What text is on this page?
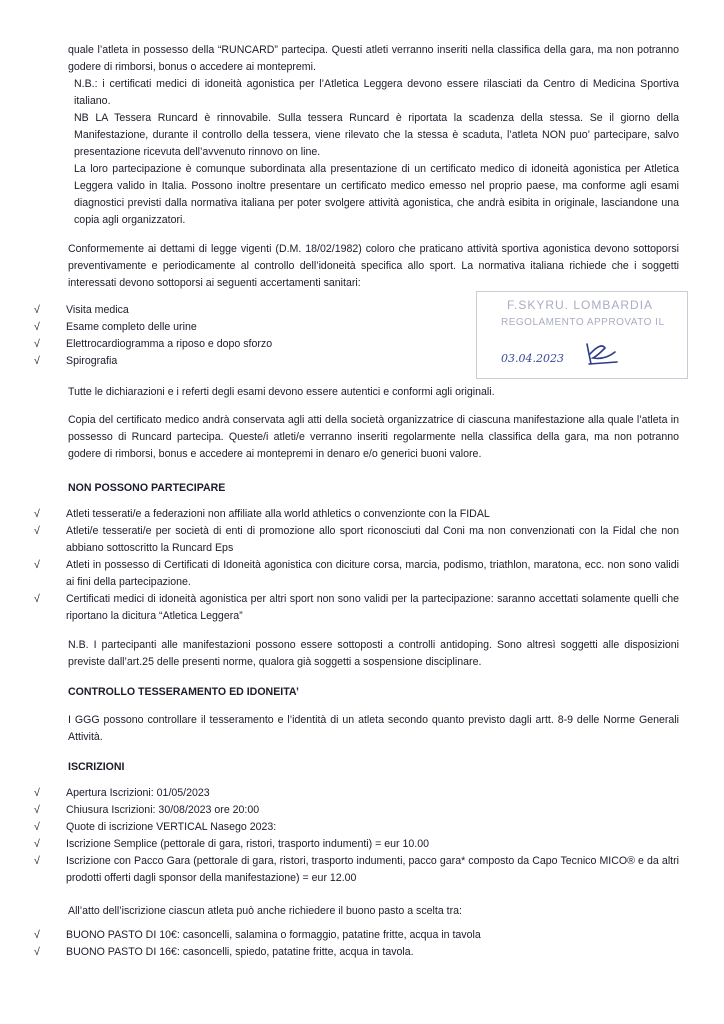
quale l’atleta in possesso della “RUNCARD” partecipa. Questi atleti verranno inseriti nella classifica della gara, ma non potranno godere di rimborsi, bonus o accedere ai montepremi.

N.B.: i certificati medici di idoneità agonistica per l’Atletica Leggera devono essere rilasciati da Centro di Medicina Sportiva italiano.

NB LA Tessera Runcard è rinnovabile. Sulla tessera Runcard è riportata la scadenza della stessa. Se il giorno della Manifestazione, durante il controllo della tessera, viene rilevato che la stessa è scaduta, l’atleta NON puo’ partecipare, salvo presentazione ricevuta dell’avvenuto rinnovo on line.

La loro partecipazione è comunque subordinata alla presentazione di un certificato medico di idoneità agonistica per Atletica Leggera valido in Italia. Possono inoltre presentare un certificato medico emesso nel proprio paese, ma conforme agli esami diagnostici previsti dalla normativa italiana per poter svolgere attività agonistica, che andrà esibita in originale, lasciandone una copia agli organizzatori.

Conformemente ai dettami di legge vigenti (D.M. 18/02/1982) coloro che praticano attività sportiva agonistica devono sottoporsi preventivamente e periodicamente al controllo dell’idoneità specifica allo sport. La normativa italiana richiede che i soggetti interessati devono sottoporsi ai seguenti accertamenti sanitari:

√	Visita medica
√	Esame completo delle urine
√	Elettrocardiogramma a riposo e dopo sforzo
√	Spirografia
F.SKYRU. LOMBARDIA
REGOLAMENTO APPROVATO IL
03.04.2023

Tutte le dichiarazioni e i referti degli esami devono essere autentici e conformi agli originali.

Copia del certificato medico andrà conservata agli atti della società organizzatrice di ciascuna manifestazione alla quale l’atleta in possesso di Runcard partecipa. Queste/i atleti/e verranno inseriti regolarmente nella classifica della gara, ma non potranno godere di rimborsi, bonus e accedere ai montepremi in denaro e/o generici buoni valore.

NON POSSONO PARTECIPARE

√	Atleti tesserati/e a federazioni non affiliate alla world athletics o convenzionte con la FIDAL
√	Atleti/e tesserati/e per società di enti di promozione allo sport riconosciuti dal Coni ma non convenzionati con la Fidal che non abbiano sottoscritto la Runcard Eps
√	Atleti in possesso di Certificati di Idoneità agonistica con diciture corsa, marcia, podismo, triathlon, maratona, ecc. non sono validi ai fini della partecipazione.
√	Certificati medici di idoneità agonistica per altri sport non sono validi per la partecipazione: saranno accettati solamente quelli che riportano la dicitura “Atletica Leggera”

N.B. I partecipanti alle manifestazioni possono essere sottoposti a controlli antidoping. Sono altresì soggetti alle disposizioni previste dall’art.25 delle presenti norme, qualora già soggetti a sospensione disciplinare.

CONTROLLO TESSERAMENTO ED IDONEITA’

I GGG possono controllare il tesseramento e l’identità di un atleta secondo quanto previsto dagli artt. 8-9 delle Norme Generali Attività.

ISCRIZIONI

√	Apertura Iscrizioni: 01/05/2023
√	Chiusura Iscrizioni: 30/08/2023 ore 20:00
√	Quote di iscrizione VERTICAL Nasego 2023:
√	Iscrizione Semplice (pettorale di gara, ristori, trasporto indumenti) = eur 10.00
√	Iscrizione con Pacco Gara (pettorale di gara, ristori, trasporto indumenti, pacco gara* composto da Capo Tecnico MICO® e da altri prodotti offerti dagli sponsor della manifestazione) = eur 12.00

All’atto dell’iscrizione ciascun atleta può anche richiedere il buono pasto a scelta tra:

√	BUONO PASTO DI 10€: casoncelli, salamina o formaggio, patatine fritte, acqua in tavola
√	BUONO PASTO DI 16€: casoncelli, spiedo, patatine fritte, acqua in tavola.
